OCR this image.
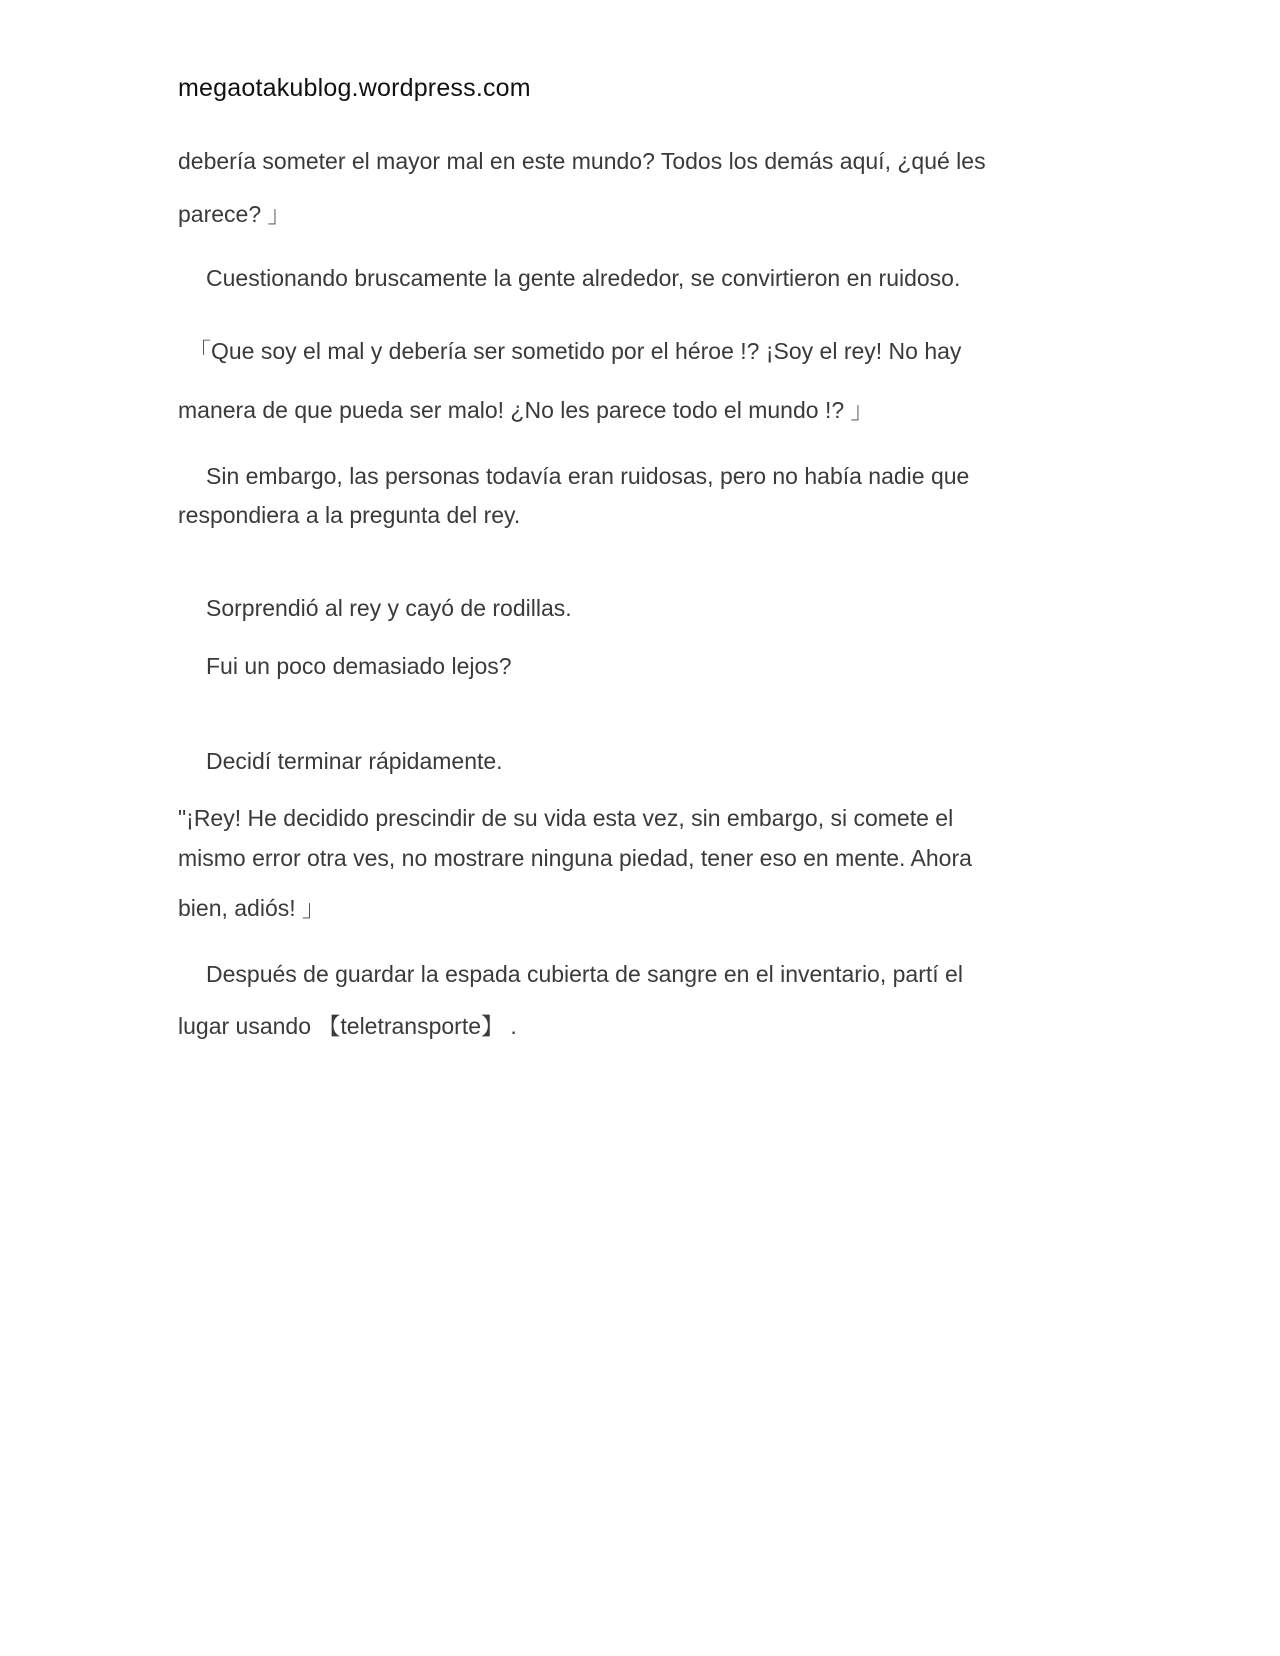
megaotakublog.wordpress.com
debería someter el mayor mal en este mundo? Todos los demás aquí, ¿qué les
parece? 」
Cuestionando bruscamente la gente alrededor, se convirtieron en ruidoso.
「Que soy el mal y debería ser sometido por el héroe !? ¡Soy el rey! No hay
manera de que pueda ser malo! ¿No les parece todo el mundo !? 」
Sin embargo, las personas todavía eran ruidosas, pero no había nadie que
respondiera a la pregunta del rey.
Sorprendió al rey y cayó de rodillas.
Fui un poco demasiado lejos?
Decidí terminar rápidamente.
"¡Rey! He decidido prescindir de su vida esta vez, sin embargo, si comete el
mismo error otra ves, no mostrare ninguna piedad, tener eso en mente. Ahora
bien, adiós! 」
Después de guardar la espada cubierta de sangre en el inventario, partí el
lugar usando 【teletransporte】 .
